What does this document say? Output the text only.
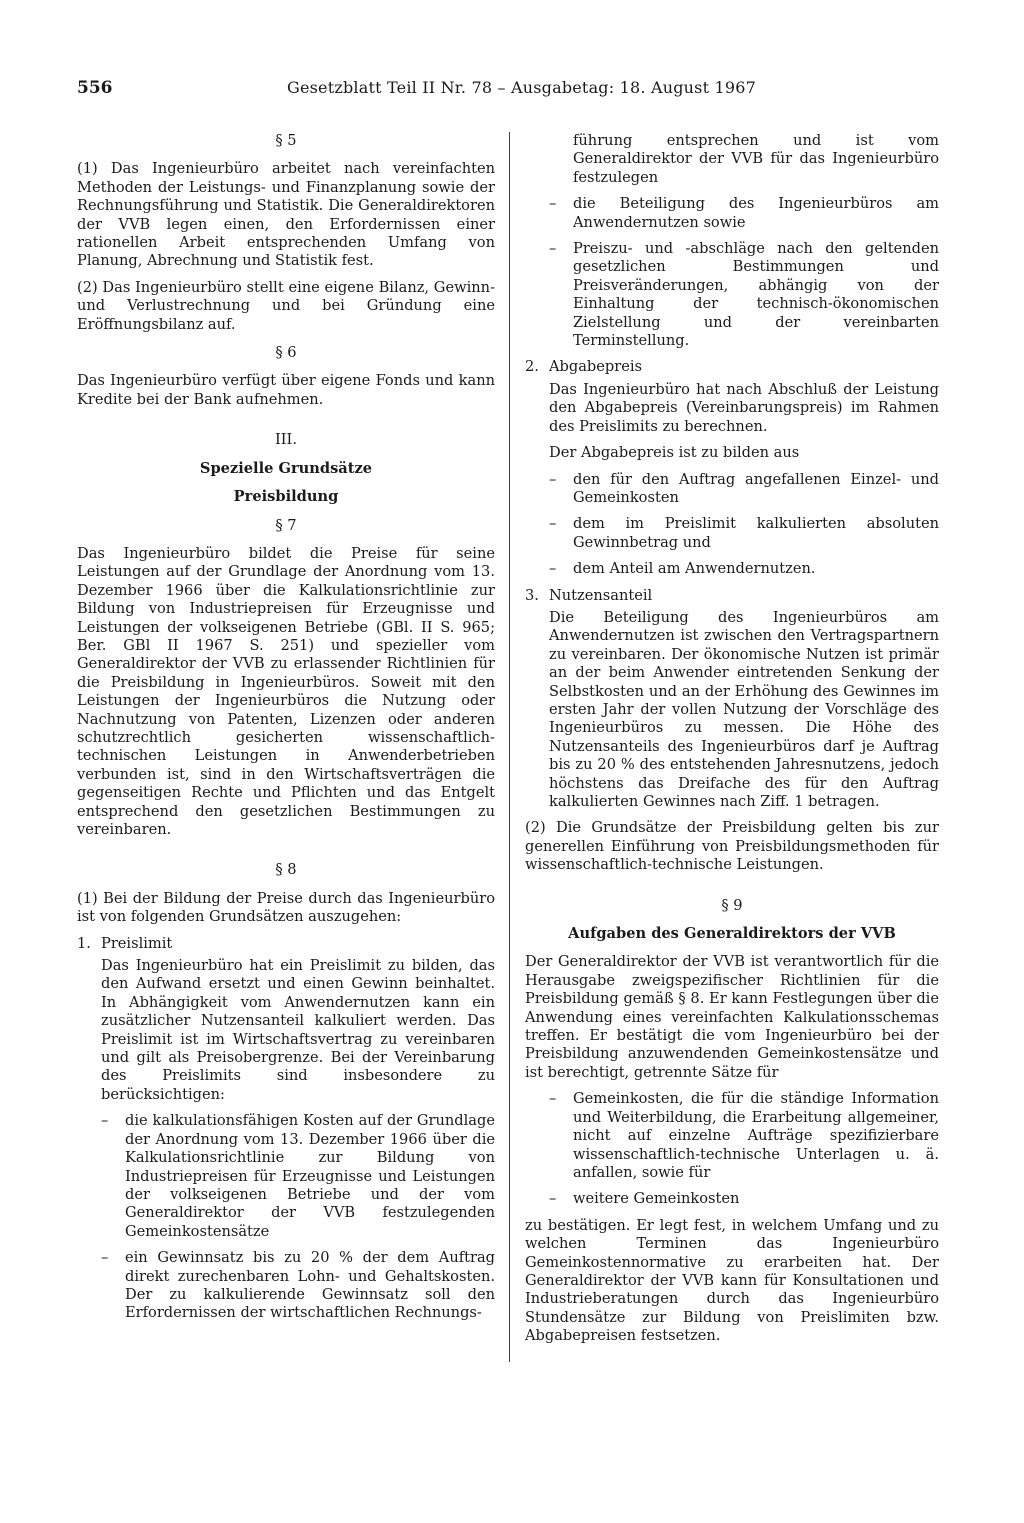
556	Gesetzblatt Teil II Nr. 78 – Ausgabetag: 18. August 1967

§ 5

(1) Das Ingenieurbüro arbeitet nach vereinfachten Methoden der Leistungs- und Finanzplanung sowie der Rechnungsführung und Statistik. Die Generaldirektoren der VVB legen einen, den Erfordernissen einer rationellen Arbeit entsprechenden Umfang von Planung, Abrechnung und Statistik fest.

(2) Das Ingenieurbüro stellt eine eigene Bilanz, Gewinn- und Verlustrechnung und bei Gründung eine Eröffnungsbilanz auf.

§ 6

Das Ingenieurbüro verfügt über eigene Fonds und kann Kredite bei der Bank aufnehmen.

III.

Spezielle Grundsätze

Preisbildung

§ 7

Das Ingenieurbüro bildet die Preise für seine Leistungen auf der Grundlage der Anordnung vom 13. Dezember 1966 über die Kalkulationsrichtlinie zur Bildung von Industriepreisen für Erzeugnisse und Leistungen der volkseigenen Betriebe (GBl. II S. 965; Ber. GBl II 1967 S. 251) und spezieller vom Generaldirektor der VVB zu erlassender Richtlinien für die Preisbildung in Ingenieurbüros. Soweit mit den Leistungen der Ingenieurbüros die Nutzung oder Nachnutzung von Patenten, Lizenzen oder anderen schutzrechtlich gesicherten wissenschaftlich-technischen Leistungen in Anwenderbetrieben verbunden ist, sind in den Wirtschaftsverträgen die gegenseitigen Rechte und Pflichten und das Entgelt entsprechend den gesetzlichen Bestimmungen zu vereinbaren.

§ 8

(1) Bei der Bildung der Preise durch das Ingenieurbüro ist von folgenden Grundsätzen auszugehen:

1. Preislimit

Das Ingenieurbüro hat ein Preislimit zu bilden, das den Aufwand ersetzt und einen Gewinn beinhaltet. In Abhängigkeit vom Anwendernutzen kann ein zusätzlicher Nutzensanteil kalkuliert werden. Das Preislimit ist im Wirtschaftsvertrag zu vereinbaren und gilt als Preisobergrenze. Bei der Vereinbarung des Preislimits sind insbesondere zu berücksichtigen:

–	die kalkulationsfähigen Kosten auf der Grundlage der Anordnung vom 13. Dezember 1966 über die Kalkulationsrichtlinie zur Bildung von Industriepreisen für Erzeugnisse und Leistungen der volkseigenen Betriebe und der vom Generaldirektor der VVB festzulegenden Gemeinkostensätze
–	ein Gewinnsatz bis zu 20 % der dem Auftrag direkt zurechenbaren Lohn- und Gehaltskosten. Der zu kalkulierende Gewinnsatz soll den Erfordernissen der wirtschaftlichen Rechnungs-

führung entsprechen und ist vom Generaldirektor der VVB für das Ingenieurbüro festzulegen

–	die Beteiligung des Ingenieurbüros am Anwendernutzen sowie
–	Preiszu- und -abschläge nach den geltenden gesetzlichen Bestimmungen und Preisveränderungen, abhängig von der Einhaltung der technisch-ökonomischen Zielstellung und der vereinbarten Terminstellung.
2. Abgabepreis

Das Ingenieurbüro hat nach Abschluß der Leistung den Abgabepreis (Vereinbarungspreis) im Rahmen des Preislimits zu berechnen.

Der Abgabepreis ist zu bilden aus

–	den für den Auftrag angefallenen Einzel- und Gemeinkosten
–	dem im Preislimit kalkulierten absoluten Gewinnbetrag und
–	dem Anteil am Anwendernutzen.
3. Nutzensanteil

Die Beteiligung des Ingenieurbüros am Anwendernutzen ist zwischen den Vertragspartnern zu vereinbaren. Der ökonomische Nutzen ist primär an der beim Anwender eintretenden Senkung der Selbstkosten und an der Erhöhung des Gewinnes im ersten Jahr der vollen Nutzung der Vorschläge des Ingenieurbüros zu messen. Die Höhe des Nutzensanteils des Ingenieurbüros darf je Auftrag bis zu 20 % des entstehenden Jahresnutzens, jedoch höchstens das Dreifache des für den Auftrag kalkulierten Gewinnes nach Ziff. 1 betragen.

(2) Die Grundsätze der Preisbildung gelten bis zur generellen Einführung von Preisbildungsmethoden für wissenschaftlich-technische Leistungen.

§ 9

Aufgaben des Generaldirektors der VVB

Der Generaldirektor der VVB ist verantwortlich für die Herausgabe zweigspezifischer Richtlinien für die Preisbildung gemäß § 8. Er kann Festlegungen über die Anwendung eines vereinfachten Kalkulationsschemas treffen. Er bestätigt die vom Ingenieurbüro bei der Preisbildung anzuwendenden Gemeinkostensätze und ist berechtigt, getrennte Sätze für

–	Gemeinkosten, die für die ständige Information und Weiterbildung, die Erarbeitung allgemeiner, nicht auf einzelne Aufträge spezifizierbare wissenschaftlich-technische Unterlagen u. ä. anfallen, sowie für
–	weitere Gemeinkosten

zu bestätigen. Er legt fest, in welchem Umfang und zu welchen Terminen das Ingenieurbüro Gemeinkostennormative zu erarbeiten hat. Der Generaldirektor der VVB kann für Konsultationen und Industrieberatungen durch das Ingenieurbüro Stundensätze zur Bildung von Preislimiten bzw. Abgabepreisen festsetzen.
